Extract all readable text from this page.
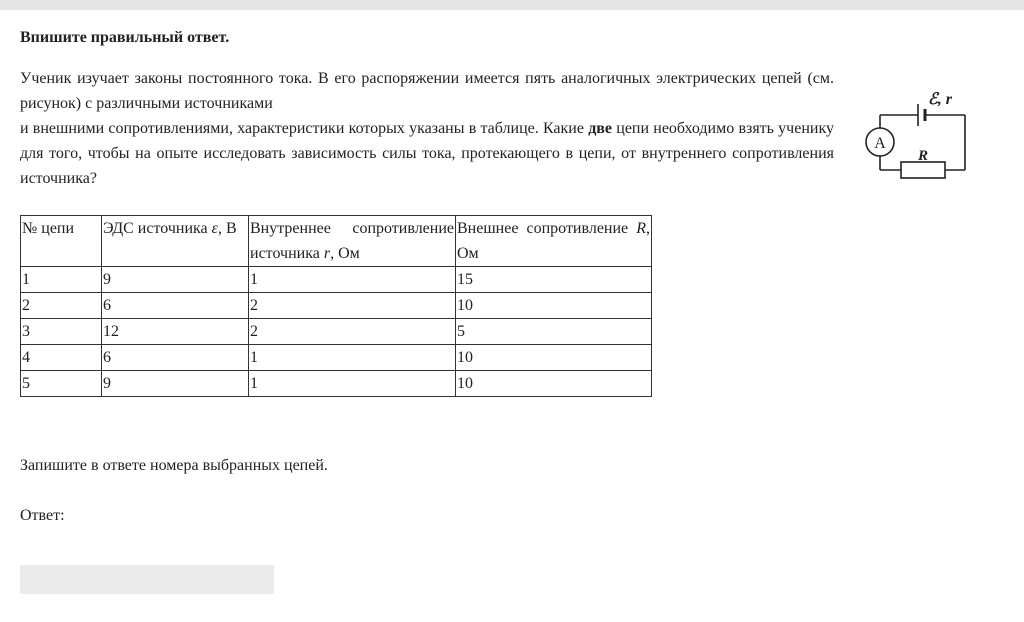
Впишите правильный ответ.

Ученик изучает законы постоянного тока. В его распоряжении имеется пять аналогичных электрических цепей (см. рисунок) с различными источниками

и внешними сопротивлениями, характеристики которых указаны в таблице. Какие две цепи необходимо взять ученику для того, чтобы на опыте исследовать зависимость силы тока, протекающего в цепи, от внутреннего сопротивления источника?

A
R
ℰ, r
№ цепи	ЭДС источника ε, В	Внутреннее сопротивление источника r, Ом	Внешнее сопротивление R, Ом
1	9	1	15
2	6	2	10
3	12	2	5
4	6	1	10
5	9	1	10
Запишите в ответе номера выбранных цепей.
Ответ:
